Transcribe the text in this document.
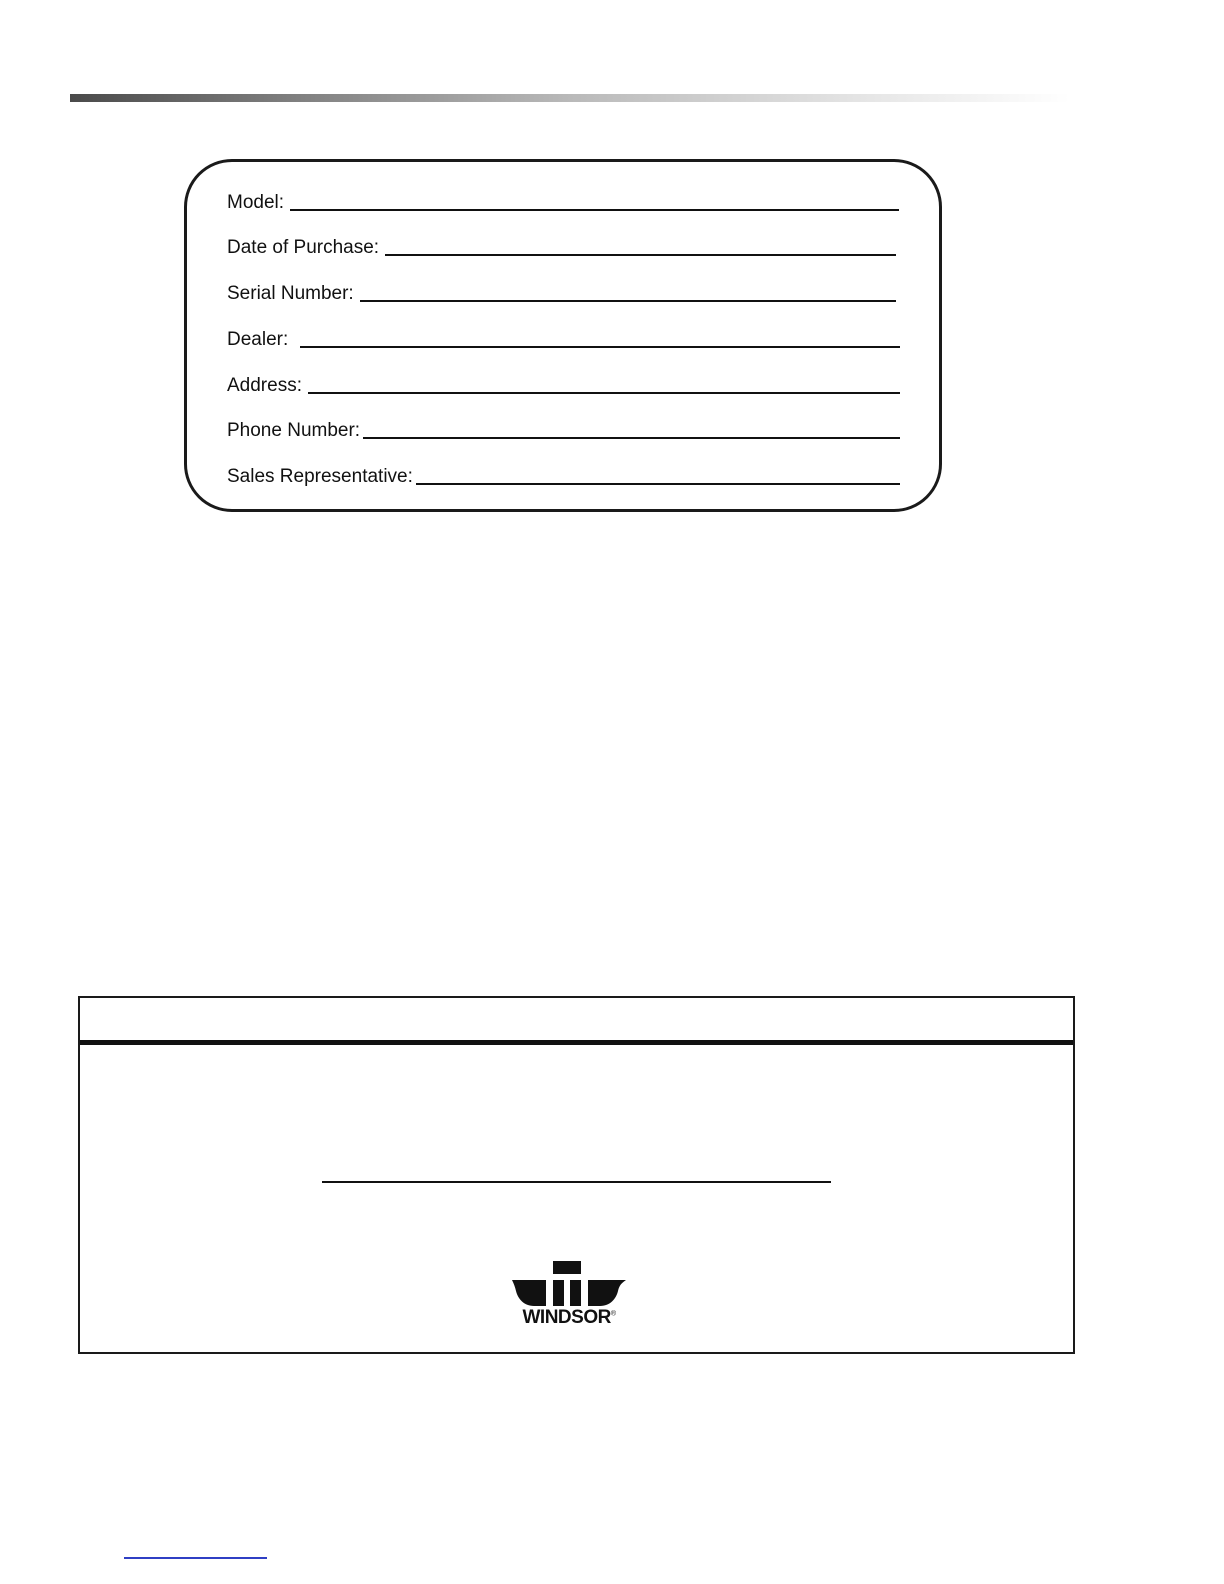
Model:
Date of Purchase:
Serial Number:
Dealer:
Address:
Phone Number:
Sales Representative:
WINDSOR®
